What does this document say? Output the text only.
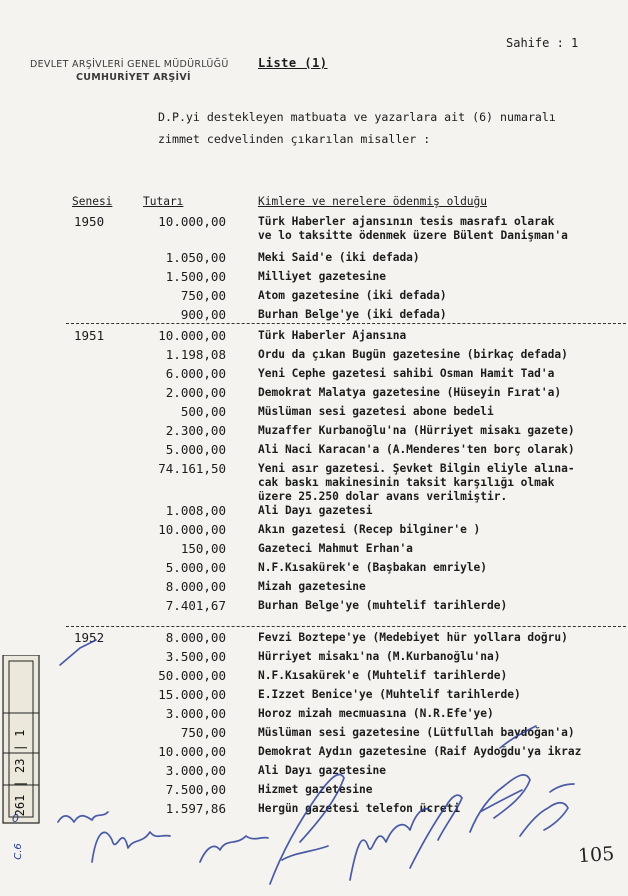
Sahife : 1
DEVLET ARŞİVLERİ GENEL MÜDÜRLÜĞÜ
CUMHURİYET ARŞİVİ
Liste (1)
D.P.yi destekleyen matbuata ve yazarlara ait (6) numaralı
zimmet cedvelinden çıkarılan misaller :
Senesi	Tutarı	Kimlere ve nerelere ödenmiş olduğu
1950	10.000,00	Türk Haberler ajansının tesis masrafı olarak
ve lo taksitte ödenmek üzere Bülent Danişman'a
1.050,00	Meki Said'e (iki defada)
1.500,00	Milliyet gazetesine
750,00	Atom gazetesine (iki defada)
900,00	Burhan Belge'ye (iki defada)
1951	10.000,00	Türk Haberler Ajansına
1.198,08	Ordu da çıkan Bugün gazetesine (birkaç defada)
6.000,00	Yeni Cephe gazetesi sahibi Osman Hamit Tad'a
2.000,00	Demokrat Malatya gazetesine (Hüseyin Fırat'a)
500,00	Müslüman sesi gazetesi abone bedeli
2.300,00	Muzaffer Kurbanoğlu'na (Hürriyet misakı gazete)
5.000,00	Ali Naci Karacan'a (A.Menderes'ten borç olarak)
74.161,50	Yeni asır gazetesi. Şevket Bilgin eliyle alına-
cak baskı makinesinin taksit karşılığı olmak
üzere 25.250 dolar avans verilmiştir.
1.008,00	Ali Dayı gazetesi
10.000,00	Akın gazetesi (Recep bilginer'e )
150,00	Gazeteci Mahmut Erhan'a
5.000,00	N.F.Kısakürek'e (Başbakan emriyle)
8.000,00	Mizah gazetesine
7.401,67	Burhan Belge'ye (muhtelif tarihlerde)
1952	8.000,00	Fevzi Boztepe'ye (Medebiyet hür yollara doğru)
3.500,00	Hürriyet misakı'na (M.Kurbanoğlu'na)
50.000,00	N.F.Kısakürek'e (Muhtelif tarihlerde)
15.000,00	E.Izzet Benice'ye (Muhtelif tarihlerde)
3.000,00	Horoz mizah mecmuasına (N.R.Efe'ye)
750,00	Müslüman sesi gazetesine (Lütfullah baydoğan'a)
10.000,00	Demokrat Aydın gazetesine (Raif Aydoğdu'ya ikraz
3.000,00	Ali Dayı gazetesine
7.500,00	Hizmet gazetesine
1.597,86	Hergün gazetesi telefon ücreti
261 | 23 | 1
C.6
0
105
